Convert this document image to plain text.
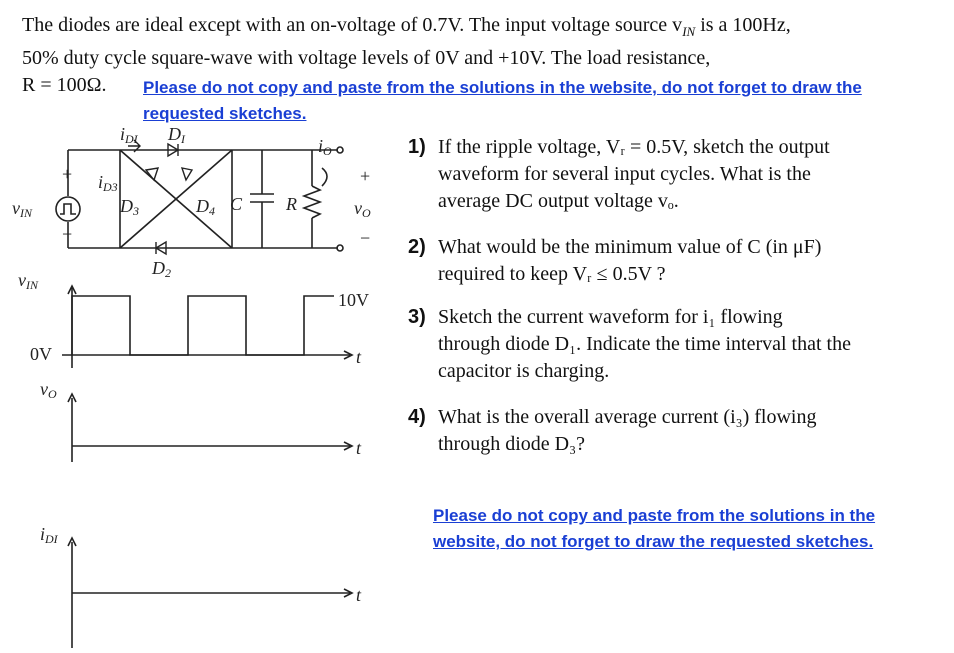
The diodes are ideal except with an on-voltage of 0.7V. The input voltage source $v_{IN}$ is a 100Hz,

50% duty cycle square-wave with voltage levels of 0V and +10V. The load resistance,

R = 100Ω.	Please do not copy and paste from the solutions in the website, do not forget to draw the
requested sketches.
vIN
+
−
iDI DI
iD3
D3	D4
D2
C R
iO
+
vO
−
vIN
10V
0V	t
vO
t
iDI
t
1) If the ripple voltage, Vᵣ = 0.5V, sketch the output
waveform for several input cycles. What is the
average DC output voltage vₒ.
2) What would be the minimum value of C (in μF)
required to keep Vᵣ ≤ 0.5V ?
3) Sketch the current waveform for i₁ flowing
through diode D₁. Indicate the time interval that the
capacitor is charging.
4) What is the overall average current (i₃) flowing
through diode D₃?
Please do not copy and paste from the solutions in the
website, do not forget to draw the requested sketches.
